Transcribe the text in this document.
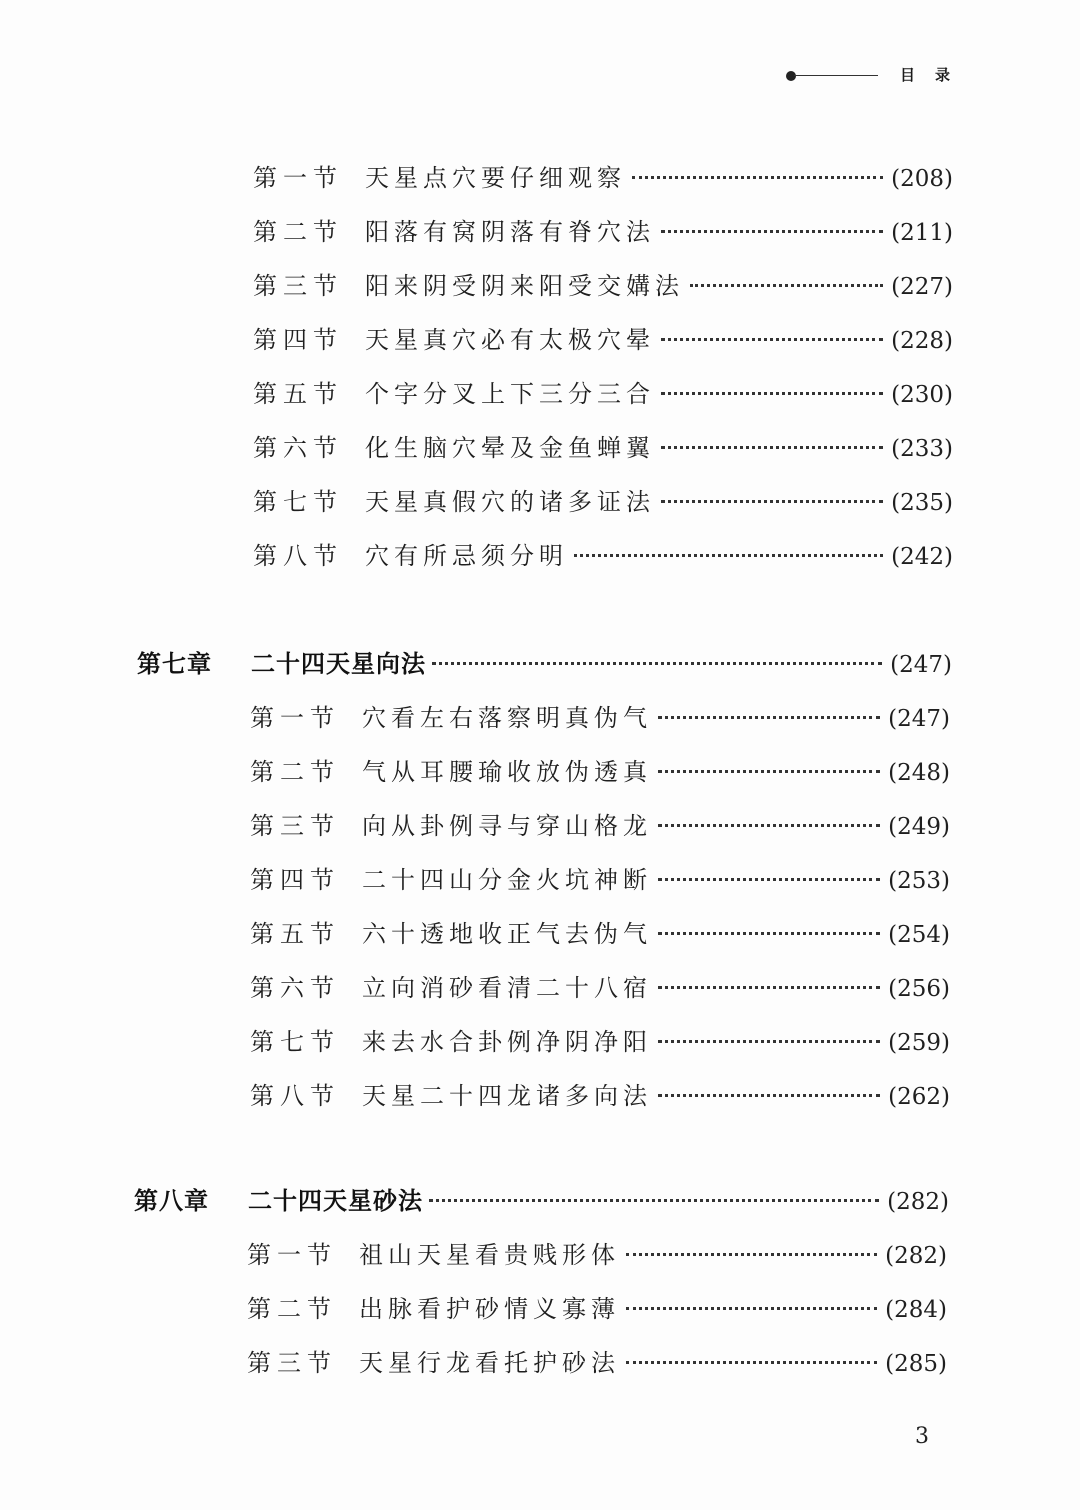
目录
第一节 天星点穴要仔细观察	(208)
第二节 阳落有窝阴落有脊穴法	(211)
第三节 阳来阴受阴来阳受交媾法	(227)
第四节 天星真穴必有太极穴晕	(228)
第五节 个字分叉上下三分三合	(230)
第六节 化生脑穴晕及金鱼蝉翼	(233)
第七节 天星真假穴的诸多证法	(235)
第八节 穴有所忌须分明	(242)
第七章	二十四天星向法	(247)
第一节 穴看左右落察明真伪气	(247)
第二节 气从耳腰瑜收放伪透真	(248)
第三节 向从卦例寻与穿山格龙	(249)
第四节 二十四山分金火坑神断	(253)
第五节 六十透地收正气去伪气	(254)
第六节 立向消砂看清二十八宿	(256)
第七节 来去水合卦例净阴净阳	(259)
第八节 天星二十四龙诸多向法	(262)
第八章	二十四天星砂法	(282)
第一节 祖山天星看贵贱形体	(282)
第二节 出脉看护砂情义寡薄	(284)
第三节 天星行龙看托护砂法	(285)
3
